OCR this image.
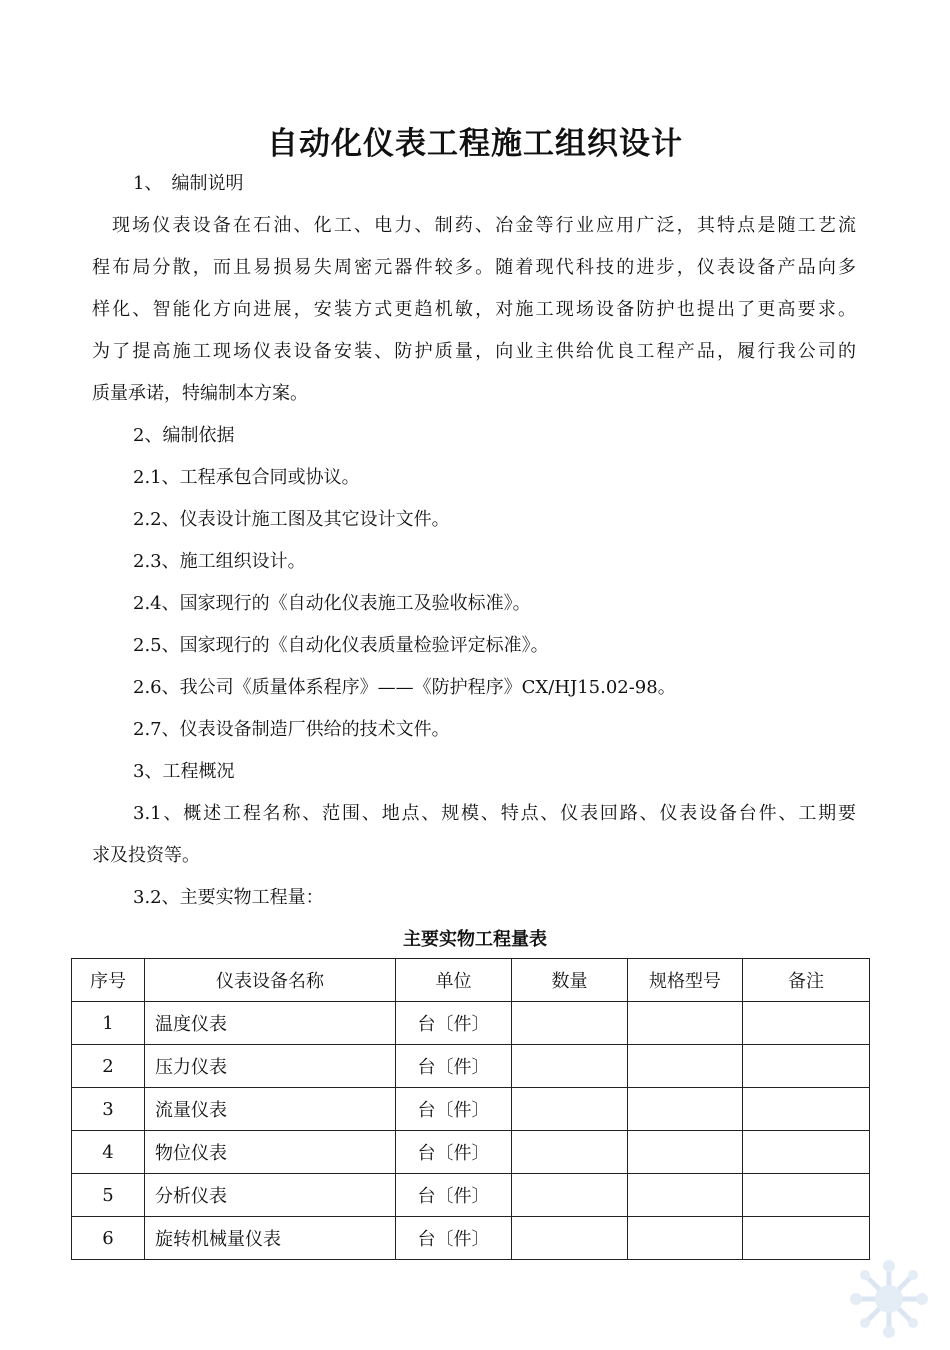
自动化仪表工程施工组织设计
1、　编制说明
现场仪表设备在石油、化工、电力、制药、冶金等行业应用广泛，其特点是随工艺流
程布局分散，而且易损易失周密元器件较多。随着现代科技的进步，仪表设备产品向多
样化、智能化方向进展，安装方式更趋机敏，对施工现场设备防护也提出了更高要求。
为了提高施工现场仪表设备安装、防护质量，向业主供给优良工程产品，履行我公司的
质量承诺，特编制本方案。
2、编制依据
2.1、工程承包合同或协议。
2.2、仪表设计施工图及其它设计文件。
2.3、施工组织设计。
2.4、国家现行的《自动化仪表施工及验收标准》。
2.5、国家现行的《自动化仪表质量检验评定标准》。
2.6、我公司《质量体系程序》——《防护程序》CX/HJ15.02-98。
2.7、仪表设备制造厂供给的技术文件。
3、工程概况
3.1、概述工程名称、范围、地点、规模、特点、仪表回路、仪表设备台件、工期要
求及投资等。
3.2、主要实物工程量：
主要实物工程量表
序号	仪表设备名称	单位	数量	规格型号	备注
1	温度仪表	台〔件〕			
2	压力仪表	台〔件〕			
3	流量仪表	台〔件〕			
4	物位仪表	台〔件〕			
5	分析仪表	台〔件〕			
6	旋转机械量仪表	台〔件〕			
